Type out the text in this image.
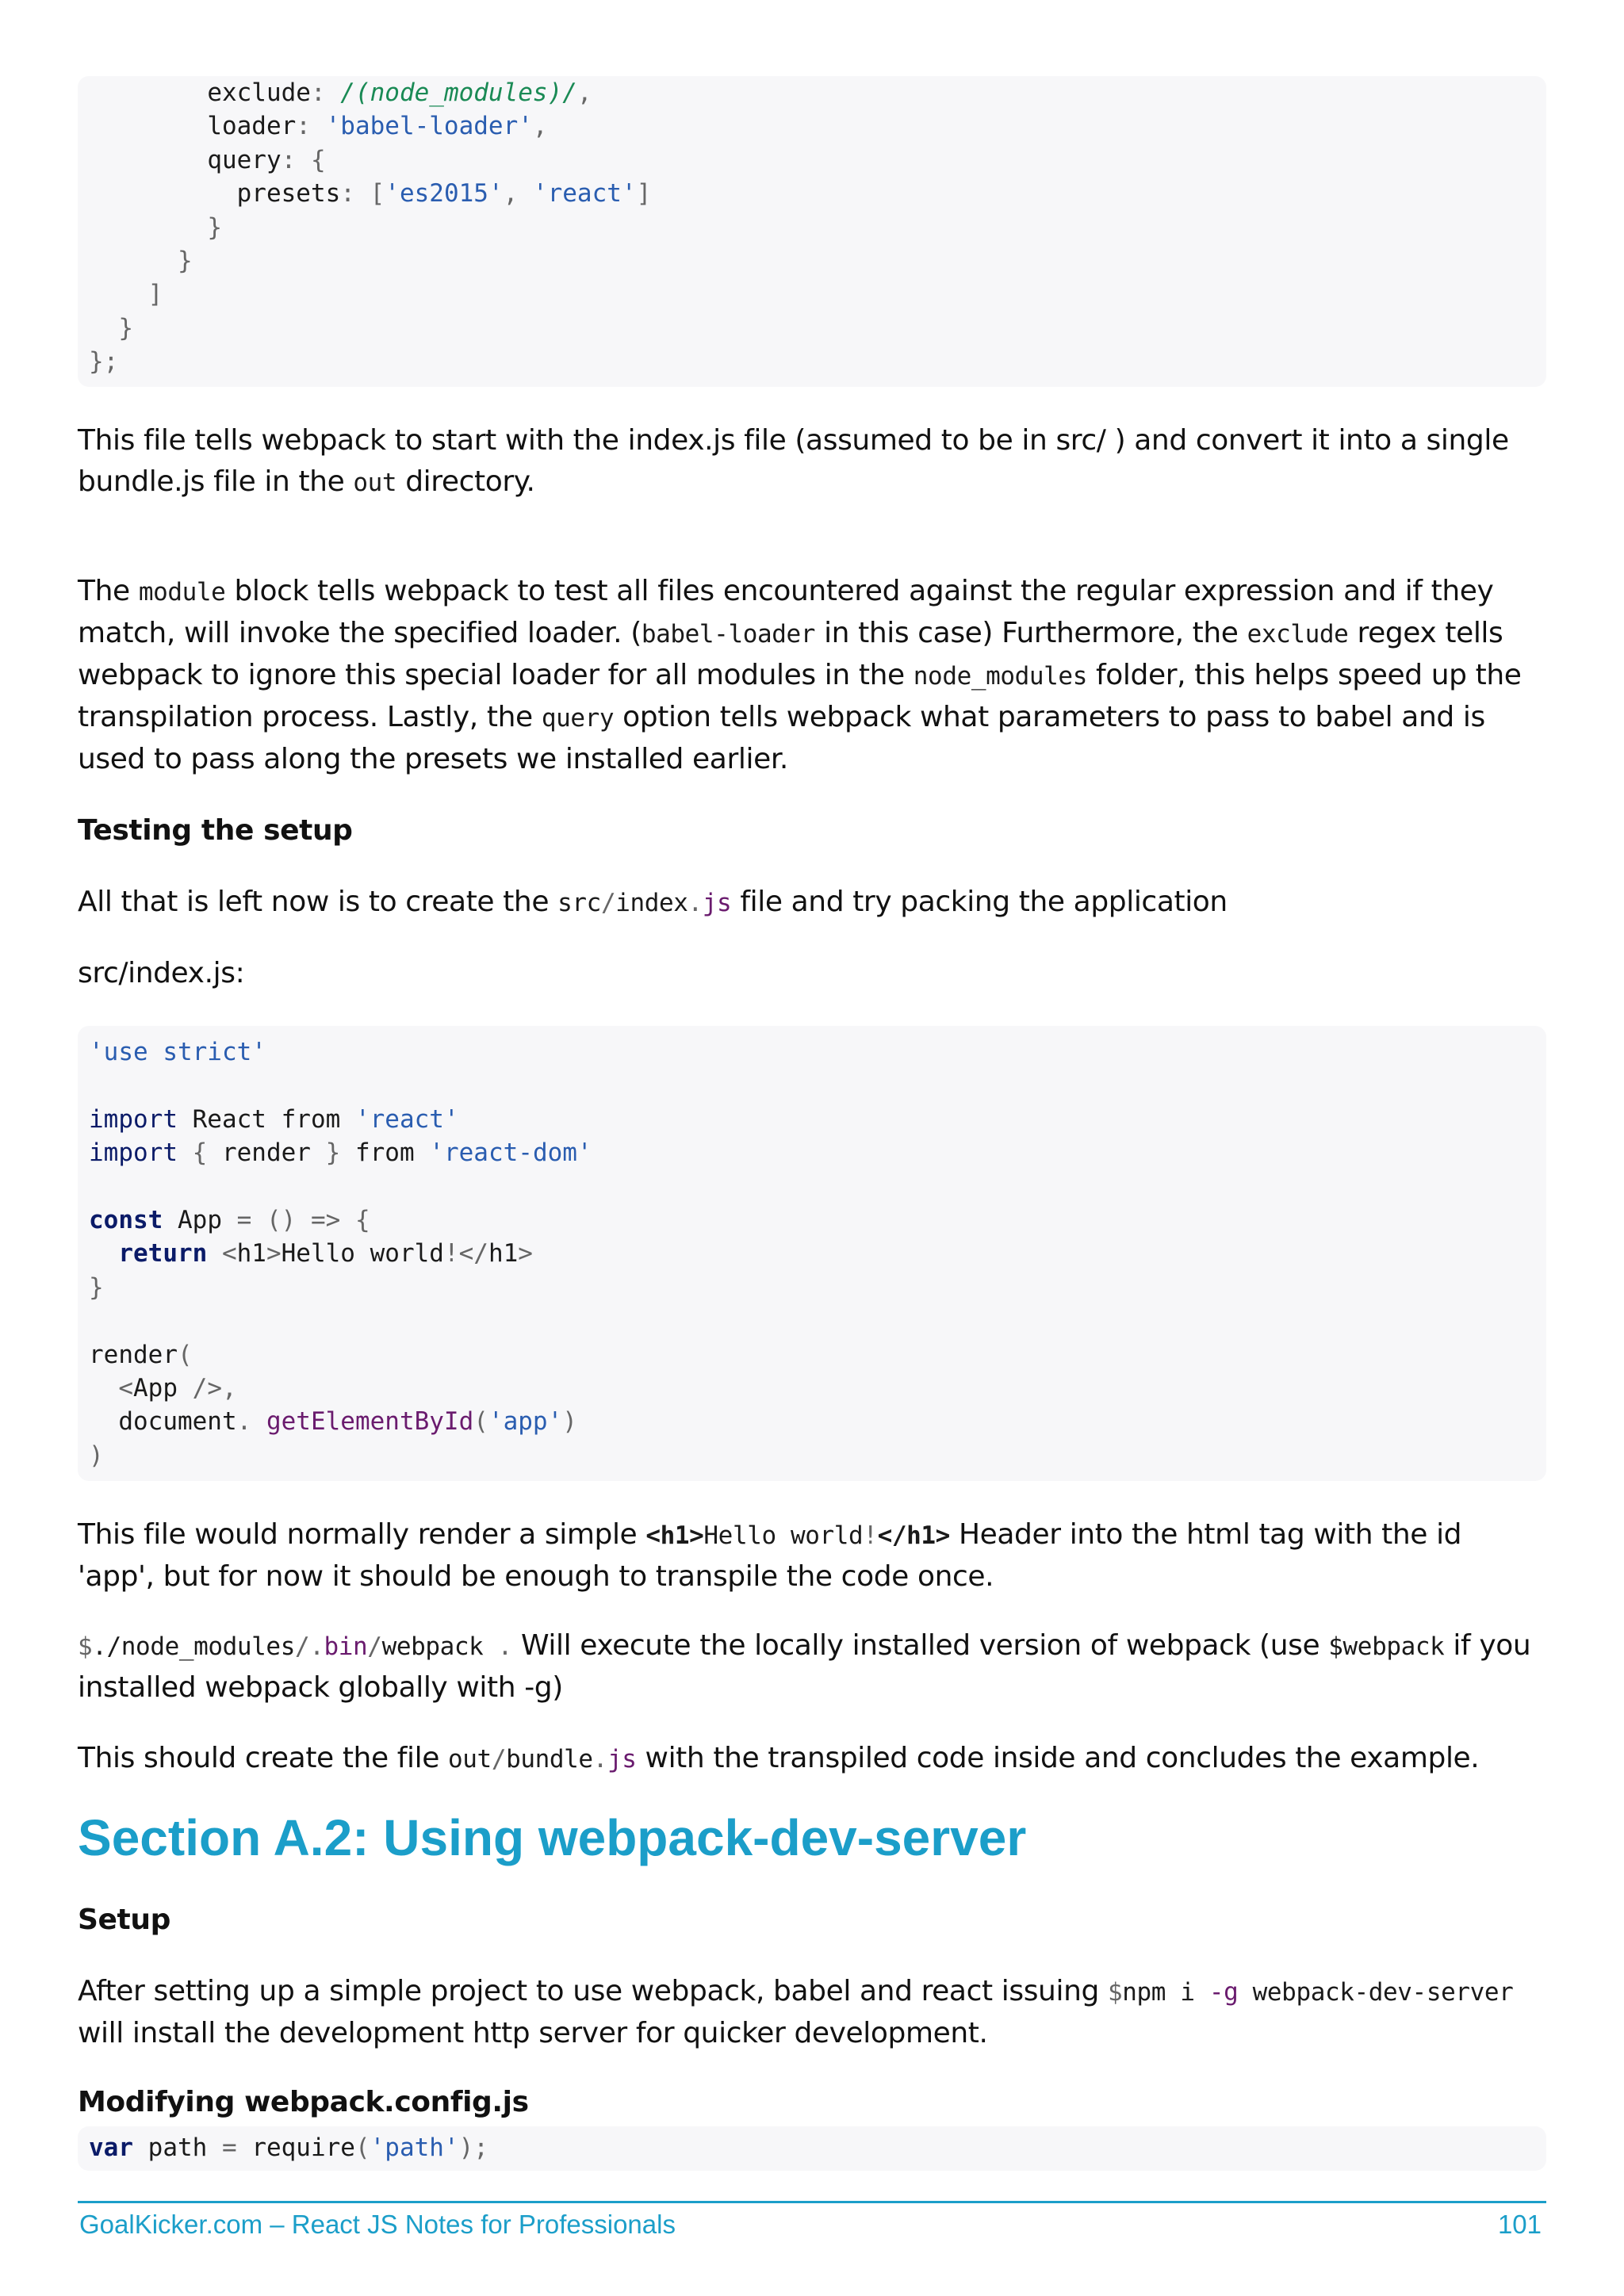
exclude: /(node_modules)/,
loader: 'babel-loader',
query: {
presets: ['es2015', 'react']
}
}
]
}
};

This file tells webpack to start with the index.js file (assumed to be in src/ ) and convert it into a single bundle.js file in the out directory.

The module block tells webpack to test all files encountered against the regular expression and if they match, will invoke the specified loader. (babel-loader in this case) Furthermore, the exclude regex tells webpack to ignore this special loader for all modules in the node_modules folder, this helps speed up the transpilation process. Lastly, the query option tells webpack what parameters to pass to babel and is used to pass along the presets we installed earlier.

Testing the setup

All that is left now is to create the src/index.js file and try packing the application

src/index.js:

'use strict'

import React from 'react'
import { render } from 'react-dom'

const App = () => {
return <h1>Hello world!</h1>
}

render(
<App />,
document. getElementById('app')
)

This file would normally render a simple <h1>Hello world!</h1> Header into the html tag with the id 'app', but for now it should be enough to transpile the code once.

$./node_modules/.bin/webpack . Will execute the locally installed version of webpack (use $webpack if you installed webpack globally with -g)

This should create the file out/bundle.js with the transpiled code inside and concludes the example.

Section A.2: Using webpack-dev-server
Setup

After setting up a simple project to use webpack, babel and react issuing $npm i -g webpack-dev-server will install the development http server for quicker development.

Modifying webpack.config.js
var path = require('path');
GoalKicker.com – React JS Notes for Professionals	101
